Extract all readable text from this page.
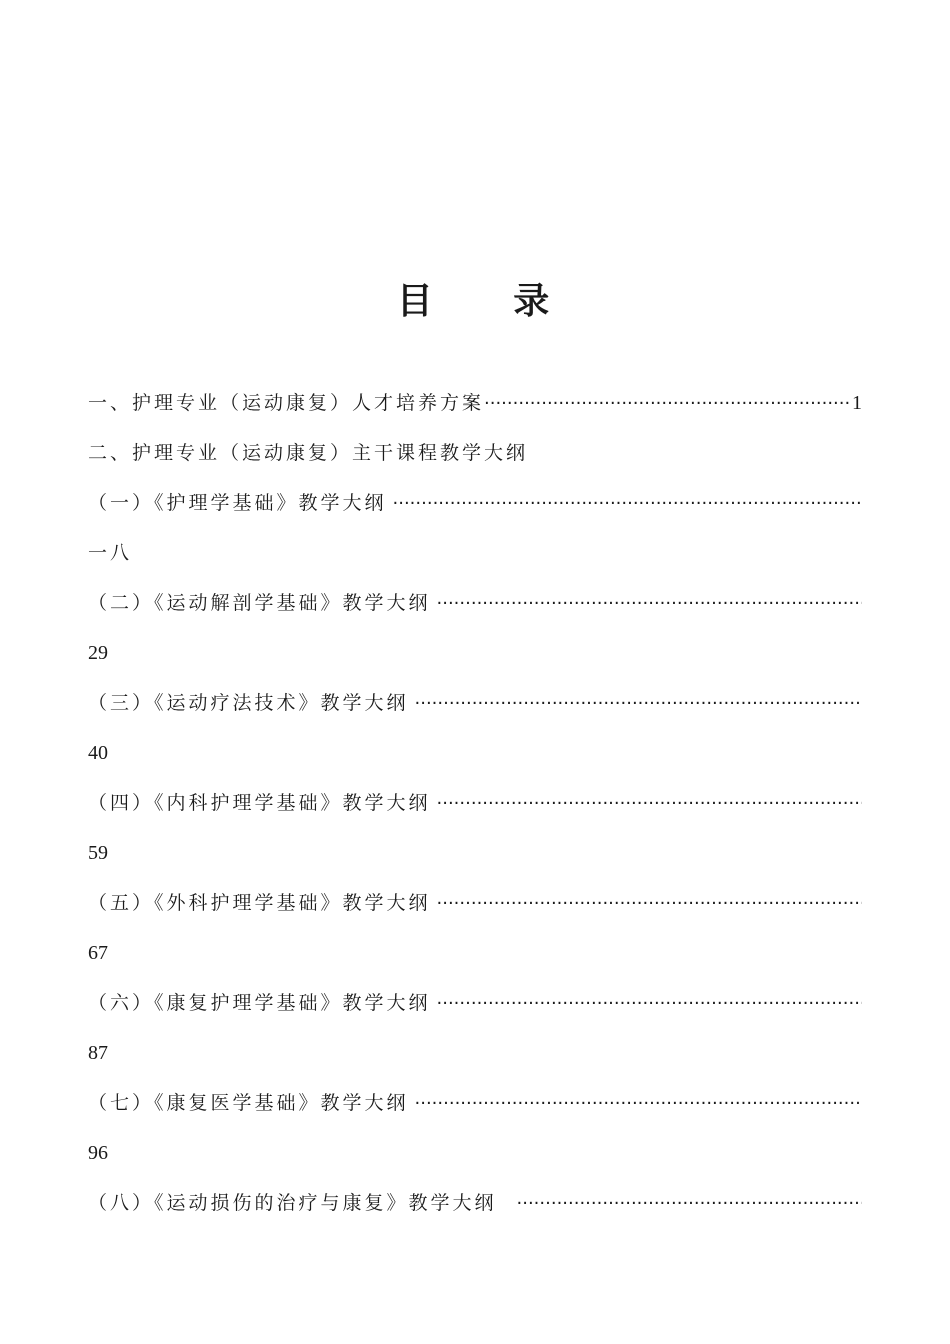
目 录
一、护理专业（运动康复）人才培养方案
·····	1
二、护理专业（运动康复）主干课程教学大纲
（一）《护理学基础》教学大纲
·····
一八
（二）《运动解剖学基础》教学大纲
·····
29
（三）《运动疗法技术》教学大纲
·····
40
（四）《内科护理学基础》教学大纲
·····
59
（五）《外科护理学基础》教学大纲
·····
67
（六）《康复护理学基础》教学大纲
·····
87
（七）《康复医学基础》教学大纲
·····
96
（八）《运动损伤的治疗与康复》教学大纲
·····
